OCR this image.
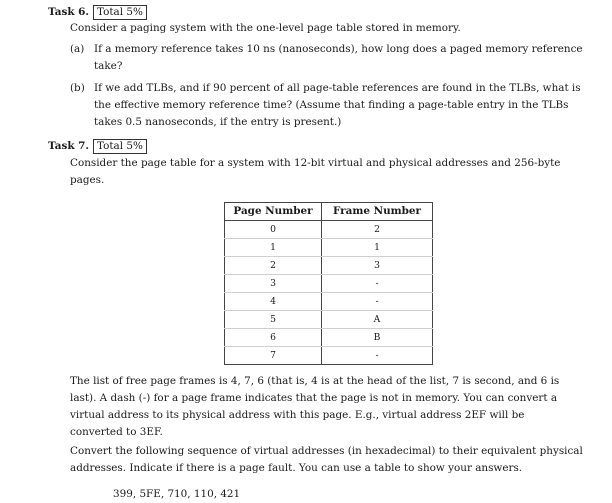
Task 6. Total 5%

Consider a paging system with the one-level page table stored in memory.

(a) If a memory reference takes 10 ns (nanoseconds), how long does a paged memory reference take?
(b) If we add TLBs, and if 90 percent of all page-table references are found in the TLBs, what is the effective memory reference time? (Assume that finding a page-table entry in the TLBs takes 0.5 nanoseconds, if the entry is present.)
Task 7. Total 5%

Consider the page table for a system with 12-bit virtual and physical addresses and 256-byte pages.

Page Number	Frame Number
0	2
1	1
2	3
3	-
4	-
5	A
6	B
7	-

The list of free page frames is 4, 7, 6 (that is, 4 is at the head of the list, 7 is second, and 6 is last). A dash (-) for a page frame indicates that the page is not in memory. You can convert a virtual address to its physical address with this page. E.g., virtual address 2EF will be converted to 3EF.

Convert the following sequence of virtual addresses (in hexadecimal) to their equivalent physical addresses. Indicate if there is a page fault. You can use a table to show your answers.

399, 5FE, 710, 110, 421
